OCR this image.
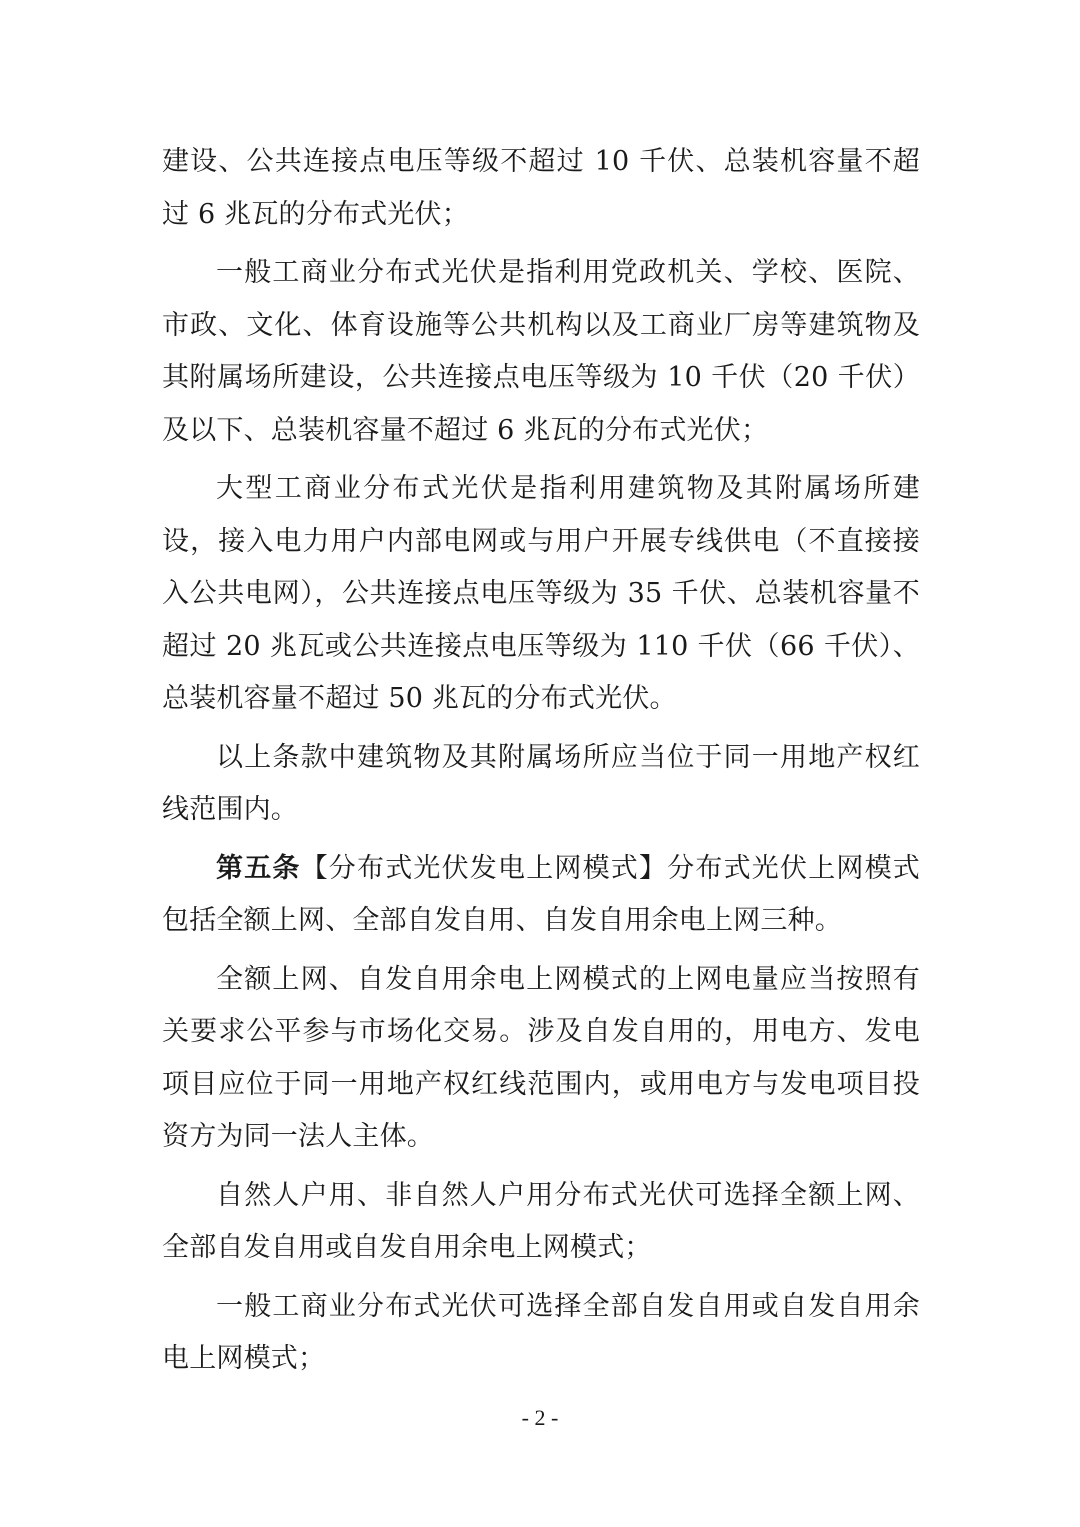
建设、公共连接点电压等级不超过 10 千伏、总装机容量不超过 6 兆瓦的分布式光伏；

一般工商业分布式光伏是指利用党政机关、学校、医院、市政、文化、体育设施等公共机构以及工商业厂房等建筑物及其附属场所建设，公共连接点电压等级为 10 千伏（20 千伏）及以下、总装机容量不超过 6 兆瓦的分布式光伏；

大型工商业分布式光伏是指利用建筑物及其附属场所建设，接入电力用户内部电网或与用户开展专线供电（不直接接入公共电网），公共连接点电压等级为 35 千伏、总装机容量不超过 20 兆瓦或公共连接点电压等级为 110 千伏（66 千伏）、总装机容量不超过 50 兆瓦的分布式光伏。

以上条款中建筑物及其附属场所应当位于同一用地产权红线范围内。

第五条【分布式光伏发电上网模式】分布式光伏上网模式包括全额上网、全部自发自用、自发自用余电上网三种。

全额上网、自发自用余电上网模式的上网电量应当按照有关要求公平参与市场化交易。涉及自发自用的，用电方、发电项目应位于同一用地产权红线范围内，或用电方与发电项目投资方为同一法人主体。

自然人户用、非自然人户用分布式光伏可选择全额上网、全部自发自用或自发自用余电上网模式；

一般工商业分布式光伏可选择全部自发自用或自发自用余电上网模式；

- 2 -
